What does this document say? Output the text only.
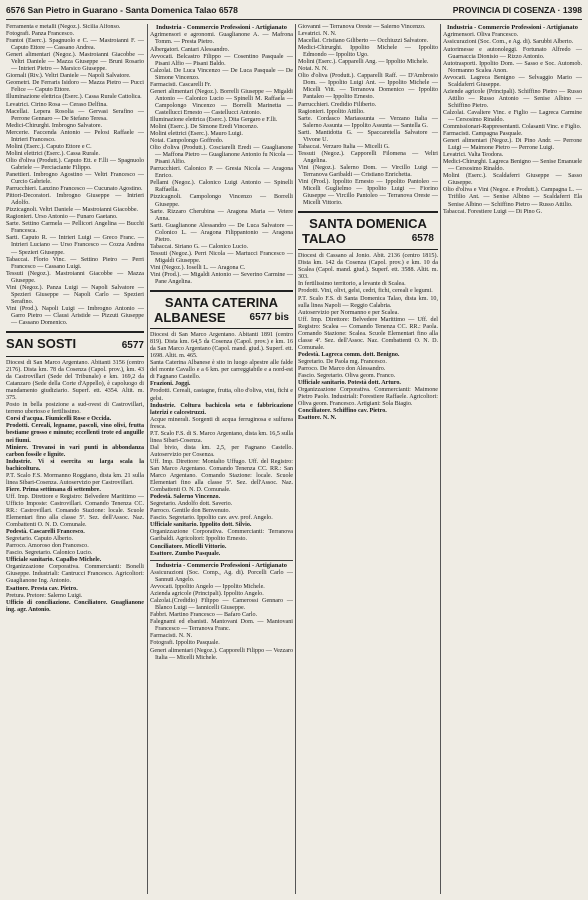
6576 San Pietro in Guarano - Santa Domenica Talao 6578	PROVINCIA DI COSENZA · 1398

Ferramenta e metalli (Negoz.). Sicilia Alfonso.

Fotografi. Panza Francesco.

Frantoi (Eserc.). Spagnuolo e C. — Mastroianni F. — Caputo Ettore — Cassano Andrea.

Generi alimentari (Negoz.). Mastroianni Giacobbe — Veltri Daniele — Mazza Giuseppe — Bruni Rosario — Intrieri Pietro — Marsico Giuseppe.

Giornali (Riv.). Veltri Daniele — Napoli Salvatore.

Geometri. De Ferraris Isidoro — Mazza Pietro — Pucci Felice — Caputo Ettore.

Illuminazione elettrica (Eserc.). Cassa Rurale Cattolica.

Levatrici. Cirino Rosa — Ceraso Delfina.

Macellai. Lepera Rosolia — Gervasi Serafino — Perrone Gennaro — De Stefano Teresa.

Medici-Chirurghi. Imbrogno Salvatore.

Mercerie. Faccenda Antonio — Pelosi Raffaele — Intrieri Francesco.

Molini (Eserc.). Caputo Ettore e C.

Molini elettrici (Eserc.). Cassa Rurale.

Olio d'oliva (Produtt.). Caputo Ett. e F.lli — Spagnuolo Gabriele — Perciaciante Filippo.

Panettieri. Imbrogno Agostino — Veltri Francesco — Curcio Gabriele.

Parrucchieri. Lanzino Francesco — Cucunato Agostino.

Pittori-Decoratori. Imbrogno Giuseppe — Intrieri Adolfo.

Pizzicagnoli. Veltri Daniele — Mastroianni Giacobbe.

Ragionieri. Urso Antonio — Funaro Gaetano.

Sarte. Settino Carmela — Pellicori Angelina — Bucchi Francesca.

Sarti. Caputo R. — Intrieri Luigi — Greco Franc. — Intrieri Luciano — Urso Francesco — Cozza Andrea — Spezieri Giuseppe.

Tabaccai. Florio Vinc. — Settino Pietro — Perri Francesco — Cassano Luigi.

Tessuti (Negoz.). Mastroianni Giacobbe — Mazza Giuseppe.

Vini (Negoz.). Panza Luigi — Napoli Salvatore — Spezieri Giuseppe — Napoli Carlo — Spezieri Serafino.

Vini (Prod.). Napoli Luigi — Imbrogno Antonio — Garro Pietro — Clausi Aristide — Pizzuti Giuseppe — Cassano Domenico.

SAN SOSTI	6577

Diocesi di San Marco Argentano. Abitanti 3156 (centro 2176). Dista km. 78 da Cosenza (Capol. prov.), km. 43 da Castrovillari (Sede del Tribunale) e km. 169,2 da Catanzaro (Sede della Corte d'Appello), è capoluogo di mandamento giudiziario. Superf. ett. 4354. Altit. m. 375.

Posto in bella posizione a sud-ovest di Castrovillari, terreno ubertoso e fertilissimo.

Corsi d'acqua. Fiumicelli Rose e Occida.

Prodotti. Cereali, legname, pascoli, vino olivi, frutta bestiame grosso e minuto; eccellenti trote ed anguille nei fiumi.

Miniere. Trovansi in vari punti in abbondanza carbon fossile e lignite.

Industrie. Vi si esercita su larga scala la bachicoltura.

P.T. Scalo F.S. Mormanno Roggiano, dista km. 21 sulla linea Sibari-Cosenza. Autoservizio per Castrovillari.

Fiere. Prima settimana di settembre.

Uff. Imp. Direttore e Registro: Belvedere Marittimo — Ufficio Imposte: Castrovillari. Comando Tenenza CC. RR.: Castrovillari. Comando Stazione: locale. Scuole Elementari fino alla classe 5ª. Sez. dell'Assoc. Naz. Combattenti O. N. D. Comunale.

Podestà. Cascarelli Francesco.

Segretario. Caputo Alberto.

Parroco. Amoroso don Francesco.

Fascio. Segretario. Calonico Lucio.

Ufficiale sanitario. Capalbo Michele.

Organizzazione Corporativa. Commercianti: Bonelli Giuseppe. Industriali: Cantrucci Francesco. Agricoltori: Guaglianone Ing. Antonio.

Esattore. Presta cav. Pietro.

Pretura. Pretore: Salerno Luigi.

Ufficio di conciliazione. Conciliatore. Guaglianone ing. agr. Antonio.

Industria - Commercio Professioni - Artigianato

Agrimensori e agronomi. Guaglianone A. — Mafrona Tomm. — Presta Pietro.

Albergatori. Cantari Alessandro.

Avvocati. Belcastro Filippo — Cosentino Pasquale — Pisani Alfio — Pisani Baldo.

Calzolai. De Luca Vincenzo — De Luca Pasquale — De Simone Vincenzo.

Farmacisti. Cascarelli Fr.

Generi alimentari (Negoz.). Borrelli Giuseppe — Migaldi Antonio — Calonico Lucio — Spinelli M. Raffaela — Campolongo Vincenzo — Borrelli Marinetta — Castellucci Ernesto — Castellucci Antonio.

Illuminazione elettrica (Eserc.). Dita Gergaro e F.lli.

Molini (Eserc.). De Simone Eredi Vincenzo.

Molini elettrici (Eserc.). Mauro Luigi.

Notai. Campolongo Goffredo.

Olio d'oliva (Produtt.). Cosciarelli Eredi — Guaglianone — Maffona Pietro — Guaglianone Antonio fu Nicola — Pisani Alfio.

Parrucchieri. Calonico P. — Gresia Nicola — Aragona Enrico.

Pellami (Negoz.). Calonico Luigi Antonio — Spinelli Raffaella.

Pizzicagnoli. Campolongo Vincenzo — Borrelli Giuseppe.

Sarte. Rizzaro Cherubina — Aragona Maria — Vetere Anna.

Sarti. Guaglianone Alessandro — De Luca Salvatore — Colonico L. — Aragona Filippantonio — Aragona Pietro.

Tabaccai. Siriano G. — Calonico Lucio.

Tessuti (Negoz.). Perri Nicola — Martucci Francesco — Migaldi Giuseppe.

Vini (Negoz.). Ioselli L. — Aragona C.

Vini (Prod.). — Migaldi Antonio — Severino Carmine — Pane Angelina.

SANTA CATERINA
ALBANESE 6577 bis

Diocesi di San Marco Argentano. Abitanti 1891 (centro 819). Dista km. 64,5 da Cosenza (Capol. prov.) e km. 16 da San Marco Argentano (Capol. mand. giud.). Superf. ett. 1698. Altit. m. 465.

Santa Caterina Albanese è sito in luogo alpestre alle falde del monte Cavallo e a 6 km. per carreggiabile e a nord-est di Fagnano Castello.

Frazioni. Joggi.

Prodotti. Cereali, castagne, frutta, olio d'oliva, vini, fichi e gelsi.

Industrie. Coltura bachicola seta e fabbricazione laterizi e calcestruzzi.

Acque minerali. Sorgenti di acqua ferruginosa e sulfurea fresca.

P.T. Scalo F.S. di S. Marco Argentano, dista km. 16,5 sulla linea Sibari-Cosenza.

Dal bivio, dista km. 2,5, per Fagnano Castello. Autoservizio per Cosenza.

Uff. Imp. Direttore: Montalto Uffugo. Uff. del Registro: San Marco Argentano. Comando Tenenza CC. RR.: San Marco Argentano. Comando Stazione: locale. Scuole Elementari fino alla classe 5ª. Sez. dell'Assoc. Naz. Combattenti O. N. D. Comunale.

Podestà. Salerno Vincenzo.

Segretario. Andolfo dott. Saverio.

Parroco. Gentile don Benvenuto.

Fascio. Segretario. Ippolito cav. avv. prof. Angelo.

Ufficiale sanitario. Ippolito dott. Silvio.

Organizzazione Corporativa. Commercianti: Terranova Garibaldi. Agricoltori: Ippolito Ernesto.

Conciliatore. Micelli Vittorio.

Esattore. Zumbo Pasquale.

Industria - Commercio Professioni - Artigianato

Assicurazioni (Soc. Comp., Ag. di). Porcelli Carlo — Sannuti Angelo.

Avvocati. Ippolito Angelo — Ippolito Michele.

Azienda agricole (Principali). Ippolito Angelo.

Calzolai.(Credidio) Filippo — Camerossi Gennaro — Blanco Luigi — Iannicelli Giuseppe.

Fabbri. Martino Francesco — Bafaro Carlo.

Falegnami ed ebanisti. Mantovani Dom. — Mantovani Francesco — Terranova Franc.

Farmacisti. N. N.

Fotografi. Ippolito Pasquale.

Generi alimentari (Negoz.). Capporelli Filippo — Vezzaro Italia — Micelli Michele.

Giovanni — Terranova Oreste — Salerno Vincenzo.

Levatrici. N. N.

Macellai. Cristiano Giliberto — Occhiuzzi Salvatore.

Medici-Chirurghi. Ippolito Michele — Ippolito Edmondo — Ippolito Ugo.

Molini (Eserc.). Capparelli Ang. — Ippolito Michele.

Notai. N. N.

Olio d'oliva (Produtt.). Capparelli Raff. — D'Ambrosio Dom. — Ippolito Luigi Ant. — Ippolito Michele — Micelli Vitt. — Terranova Domenico — Ippolito Pantaleo — Ippolito Ernesto.

Parrucchieri. Credidio Filiberto.

Ragionieri. Ippolito Attilio.

Sarte. Cordasco Mariassunta — Verzano Italia — Salerno Assunta — Ippolito Assunta — Santella G.

Sarti. Mantidotta G. — Spaccaretella Salvatore — Vivone U.

Tabaccai. Verzaro Italia — Micelli G.

Tessuti (Negoz.). Capporelli Filomena — Veltri Angelina.

Vini (Negoz.). Salerno Dom. — Vircillo Luigi — Terranova Garibaldi — Cristiano Enrichetta.

Vini (Prod.). Ippolito Ernesto — Ippolito Pantoleo — Micelli Guglielmo — Ippolito Luigi — Fiorino Giuseppe — Vircillo Pantoleo — Terranova Oreste — Micelli Vittorio.

SANTA DOMENICA
TALAO	6578

Diocesi di Cassano al Jonio. Abit. 2136 (centro 1815). Dista km. 142 da Cosenza (Capol. prov.) e km. 10 da Scalea (Capol. mand. giud.). Superf. ett. 3588. Altit. m. 303.

In fertilissimo territorio, a levante di Scalea.

Prodotti. Vini, olivi, gelsi, cedri, fichi, cereali e legumi.

P.T. Scalo F.S. di Santa Domenica Talao, dista km. 10, sulla linea Napoli — Reggio Calabria.

Autoservizio per Normanno e per Scalea.

Uff. Imp. Direttore: Belvedere Marittimo — Uff. del Registro: Scalea — Comando Tenenza CC. RR.: Paola. Comando Stazione: Scalea. Scuole Elementari fino alla classe 4ª. Sez. dell'Assoc. Naz. Combattenti O. N. D. Comunale.

Podestà. Lagreca comm. dott. Benigno.

Segretario. De Paola mg. Francesco.

Parroco. De Marco don Alessandro.

Fascio. Segretario. Oliva geom. Franco.

Ufficiale sanitario. Potestà dott. Arturo.

Organizzazione Corporativa. Commercianti: Maimone Pietro Paolo. Industriali: Forestiere Raffaele. Agricoltori: Oliva geom. Francesco. Artigiani: Sola Biagio.

Conciliatore. Schiffino cav. Pietro.

Esattore. N. N.

Industria - Commercio Professioni - Artigianato

Agrimensori. Oliva Francesco.

Assicurazioni (Soc. Com., e Ag. di). Sarubbi Alberto.

Autorimesse e autonoleggi. Fortunato Alfredo — Guarnaccia Dionisio — Rizzo Antonio.

Autotrasporti. Ippolito Dom. — Sasso e Soc. Automob. Normanno Scalea Anon.

Avvocati. Lagreca Benigno — Selvaggio Mario — Scaldaferri Giuseppe.

Aziende agricole (Principali). Schiffino Pietro — Russo Attilio — Russo Antonio — Senise Albino — Schiffino Pietro.

Calzolai. Cavaliere Vinc. e Figlio — Lagreca Carmine — Cersosimo Rinaldo.

Commissionari-Rappresentanti. Colasanti Vinc. e Figlio.

Farmacisti. Campagna Pasquale.

Generi alimentari (Negoz.). Di Pino Andr. — Perrone Luigi — Maimone Pietro — Perrone Luigi.

Levatrici. Valta Teodora.

Medici-Chirurghi. Lagreca Benigno — Senise Emanuele — Cersosimo Rinaldo.

Molini (Eserc.). Scaldaferri Giuseppe — Sasso Giuseppe.

Olio d'oliva e Vini (Negoz. e Produtt.). Campagna L. — Trifilio Ant. — Senise Albino — Scaldaferri Ela Senise Albino — Schiffino Pietro — Russo Attilio.

Tabaccai. Forestiere Luigi — Di Pino G.
